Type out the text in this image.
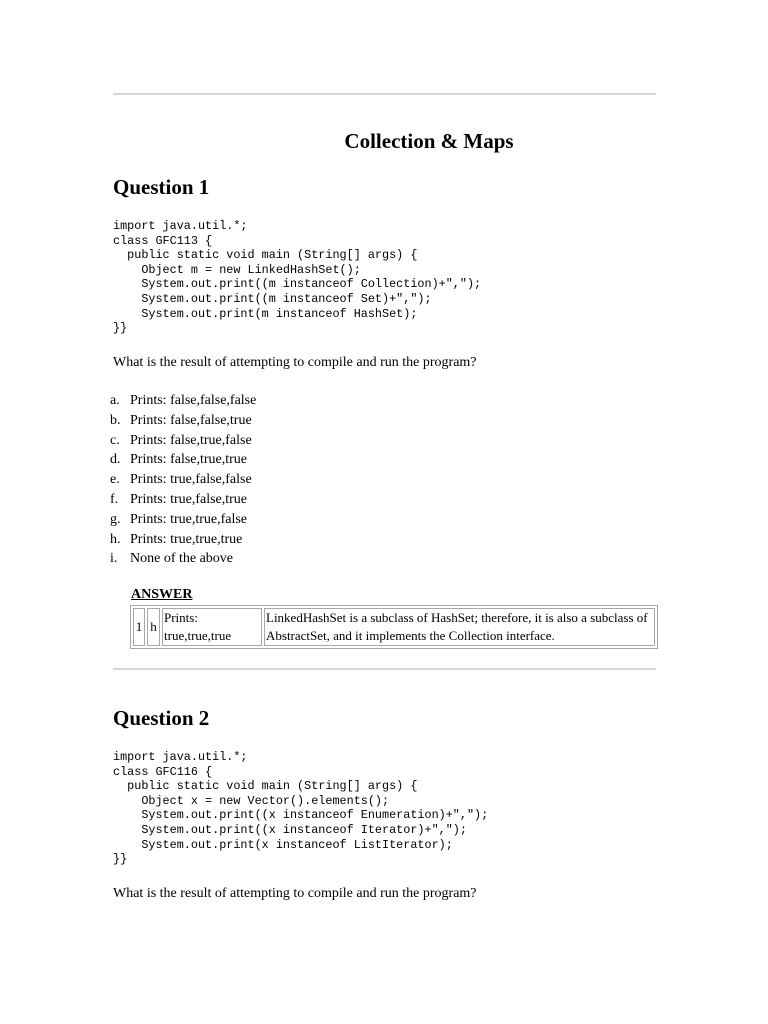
Collection & Maps
Question 1
import java.util.*;
class GFC113 {
public static void main (String[] args) {
Object m = new LinkedHashSet();
System.out.print((m instanceof Collection)+",");
System.out.print((m instanceof Set)+",");
System.out.print(m instanceof HashSet);
}}

What is the result of attempting to compile and run the program?

a. Prints: false,false,false
b. Prints: false,false,true
c. Prints: false,true,false
d. Prints: false,true,true
e. Prints: true,false,false
f. Prints: true,false,true
g. Prints: true,true,false
h. Prints: true,true,true
i. None of the above

ANSWER

1	h	Prints: true,true,true	LinkedHashSet is a subclass of HashSet; therefore, it is also a subclass of AbstractSet, and it implements the Collection interface.
Question 2
import java.util.*;
class GFC116 {
public static void main (String[] args) {
Object x = new Vector().elements();
System.out.print((x instanceof Enumeration)+",");
System.out.print((x instanceof Iterator)+",");
System.out.print(x instanceof ListIterator);
}}

What is the result of attempting to compile and run the program?
